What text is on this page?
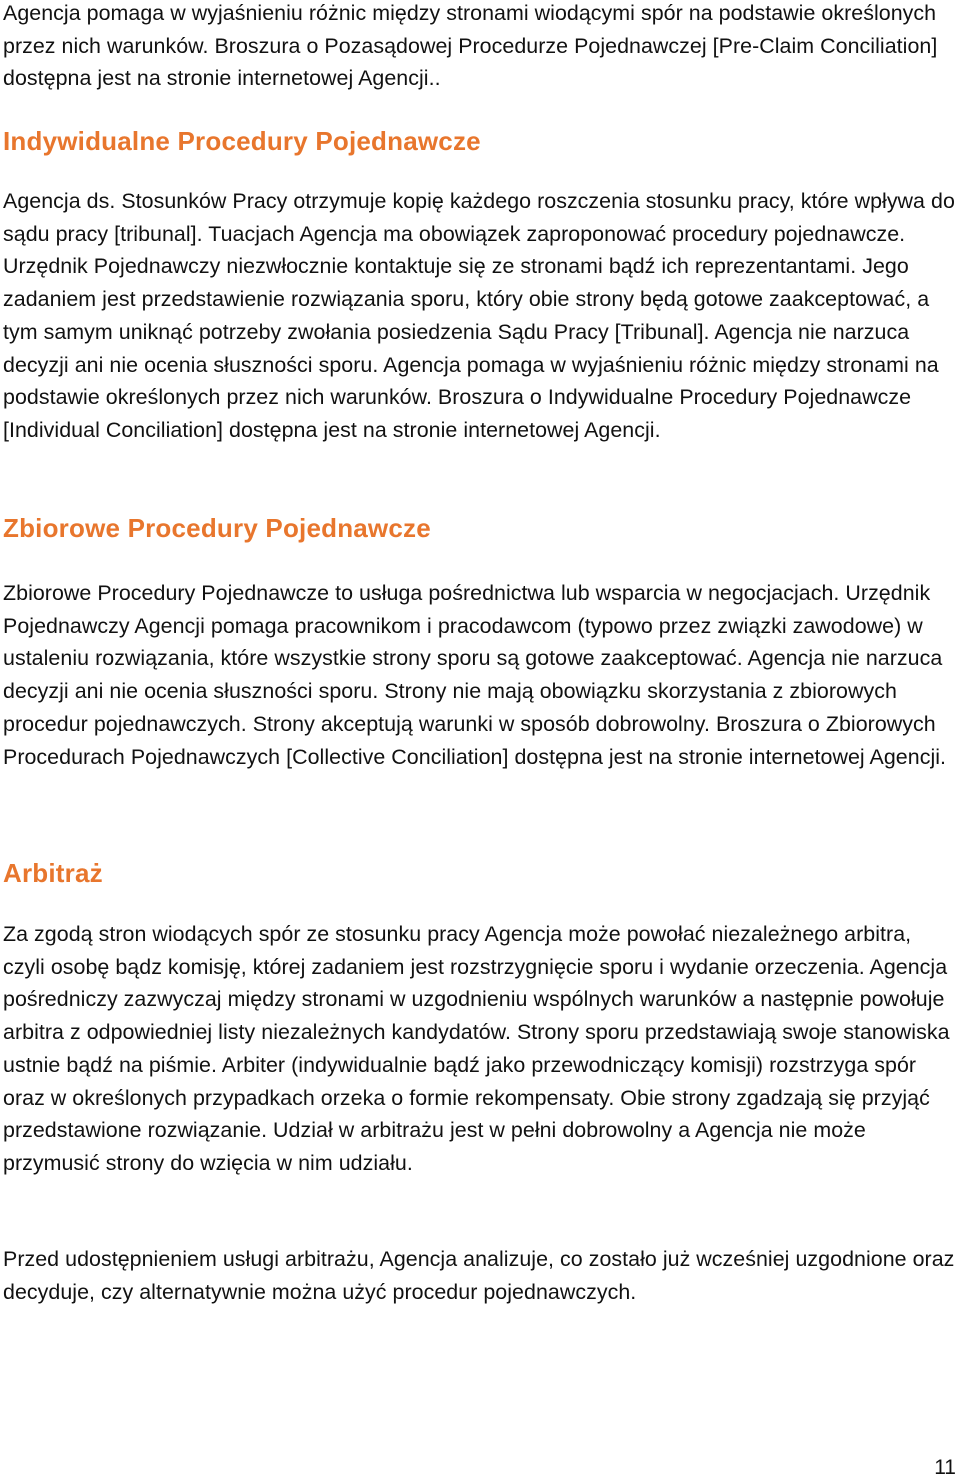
Agencja pomaga w wyjaśnieniu różnic między stronami wiodącymi spór na podstawie określonych przez nich warunków. Broszura o Pozasądowej Procedurze Pojednawczej [Pre-Claim Conciliation] dostępna jest na stronie internetowej Agencji..

Indywidualne Procedury Pojednawcze

Agencja ds. Stosunków Pracy otrzymuje kopię każdego roszczenia stosunku pracy, które wpływa do sądu pracy [tribunal]. Tuacjach Agencja ma obowiązek zaproponować procedury pojednawcze. Urzędnik Pojednawczy niezwłocznie kontaktuje się ze stronami bądź ich reprezentantami. Jego zadaniem jest przedstawienie rozwiązania sporu, który obie strony będą gotowe zaakceptować, a tym samym uniknąć potrzeby zwołania posiedzenia Sądu Pracy [Tribunal]. Agencja nie narzuca decyzji ani nie ocenia słuszności sporu. Agencja pomaga w wyjaśnieniu różnic między stronami na podstawie określonych przez nich warunków. Broszura o Indywidualne Procedury Pojednawcze [Individual Conciliation] dostępna jest na stronie internetowej Agencji.

Zbiorowe Procedury Pojednawcze

Zbiorowe Procedury Pojednawcze to usługa pośrednictwa lub wsparcia w negocjacjach. Urzędnik Pojednawczy Agencji pomaga pracownikom i pracodawcom (typowo przez związki zawodowe) w ustaleniu rozwiązania, które wszystkie strony sporu są gotowe zaakceptować. Agencja nie narzuca decyzji ani nie ocenia słuszności sporu. Strony nie mają obowiązku skorzystania z zbiorowych procedur pojednawczych. Strony akceptują warunki w sposób dobrowolny. Broszura o Zbiorowych Procedurach Pojednawczych [Collective Conciliation] dostępna jest na stronie internetowej Agencji.

Arbitraż

Za zgodą stron wiodących spór ze stosunku pracy Agencja może powołać niezależnego arbitra, czyli osobę bądz komisję, której zadaniem jest rozstrzygnięcie sporu i wydanie orzeczenia. Agencja pośredniczy zazwyczaj między stronami w uzgodnieniu wspólnych warunków a następnie powołuje arbitra z odpowiedniej listy niezależnych kandydatów. Strony sporu przedstawiają swoje stanowiska ustnie bądź na piśmie. Arbiter (indywidualnie bądź jako przewodniczący komisji) rozstrzyga spór oraz w określonych przypadkach orzeka o formie rekompensaty. Obie strony zgadzają się przyjąć przedstawione rozwiązanie. Udział w arbitrażu jest w pełni dobrowolny a Agencja nie może przymusić strony do wzięcia w nim udziału.

Przed udostępnieniem usługi arbitrażu, Agencja analizuje, co zostało już wcześniej uzgodnione oraz decyduje, czy alternatywnie można użyć procedur pojednawczych.

11
